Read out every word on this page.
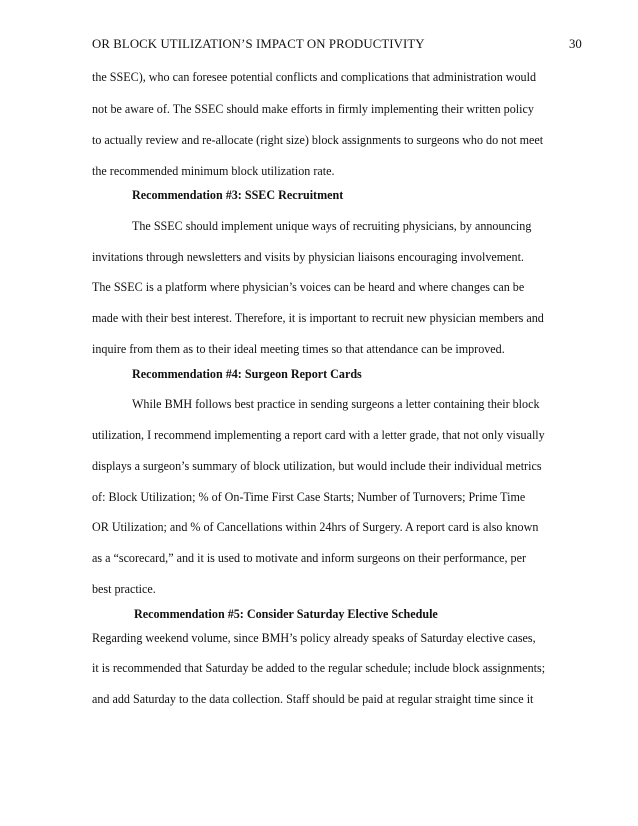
OR BLOCK UTILIZATION’S IMPACT ON PRODUCTIVITY	30
the SSEC), who can foresee potential conflicts and complications that administration would
not be aware of. The SSEC should make efforts in firmly implementing their written policy
to actually review and re-allocate (right size) block assignments to surgeons who do not meet
the recommended minimum block utilization rate.
Recommendation #3: SSEC Recruitment
The SSEC should implement unique ways of recruiting physicians, by announcing
invitations through newsletters and visits by physician liaisons encouraging involvement.
The SSEC is a platform where physician’s voices can be heard and where changes can be
made with their best interest. Therefore, it is important to recruit new physician members and
inquire from them as to their ideal meeting times so that attendance can be improved.
Recommendation #4: Surgeon Report Cards
While BMH follows best practice in sending surgeons a letter containing their block
utilization, I recommend implementing a report card with a letter grade, that not only visually
displays a surgeon’s summary of block utilization, but would include their individual metrics
of: Block Utilization; % of On-Time First Case Starts; Number of Turnovers; Prime Time
OR Utilization; and % of Cancellations within 24hrs of Surgery. A report card is also known
as a “scorecard,” and it is used to motivate and inform surgeons on their performance, per
best practice.
Recommendation #5: Consider Saturday Elective Schedule
Regarding weekend volume, since BMH’s policy already speaks of Saturday elective cases,
it is recommended that Saturday be added to the regular schedule; include block assignments;
and add Saturday to the data collection. Staff should be paid at regular straight time since it
